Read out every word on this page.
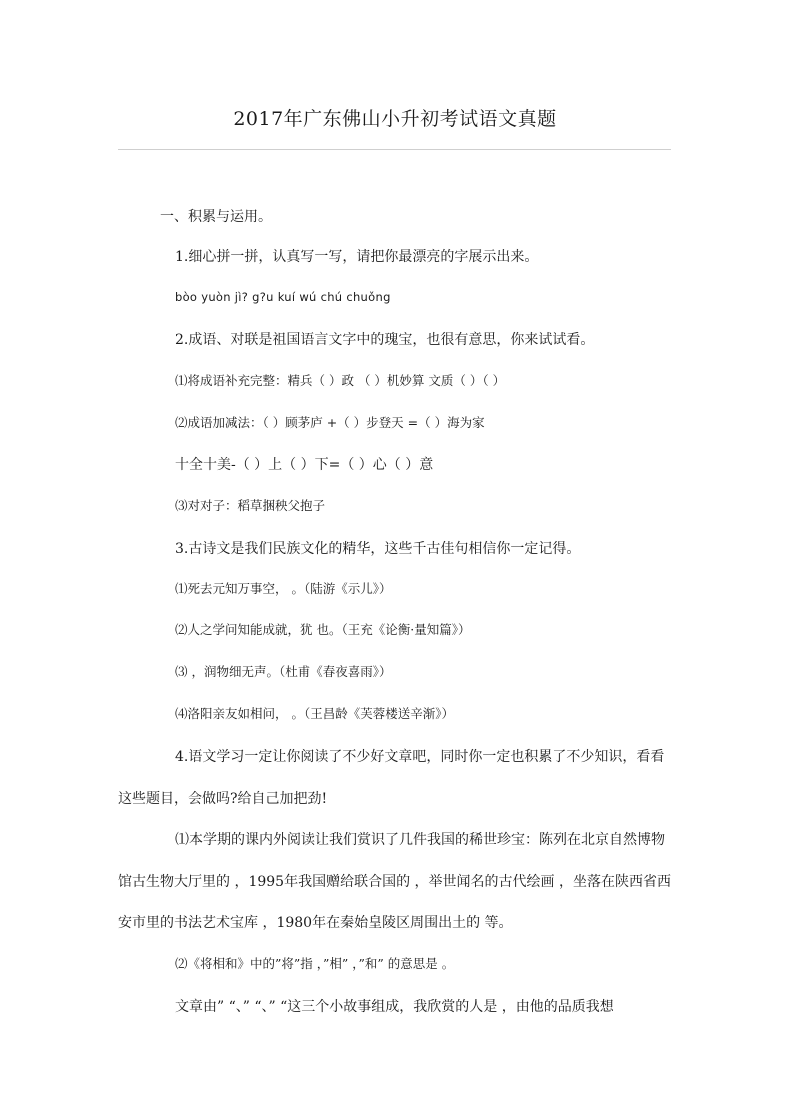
2017年广东佛山小升初考试语文真题
一、积累与运用。
1.细心拼一拼，认真写一写，请把你最漂亮的字展示出来。
bòo yuòn jì? g?u kuí wú chú chuǒng
2.成语、对联是祖国语言文字中的瑰宝，也很有意思，你来试试看。
⑴将成语补充完整：精兵（ ）政 （ ）机妙算 文质（ ）（ ）
⑵成语加减法：（ ）顾茅庐 +（ ）步登天 =（ ）海为家
十全十美-（ ）上（ ）下=（ ）心（ ）意
⑶对对子：稻草捆秧父抱子
3.古诗文是我们民族文化的精华，这些千古佳句相信你一定记得。
⑴死去元知万事空， 。（陆游《示儿》）
⑵人之学问知能成就，犹 也。（王充《论衡·量知篇》）
⑶ ，润物细无声。（杜甫《春夜喜雨》）
⑷洛阳亲友如相问， 。（王昌龄《芙蓉楼送辛渐》）
4.语文学习一定让你阅读了不少好文章吧，同时你一定也积累了不少知识，看看
这些题目，会做吗?给自己加把劲!
⑴本学期的课内外阅读让我们赏识了几件我国的稀世珍宝：陈列在北京自然博物
馆古生物大厅里的 ，1995年我国赠给联合国的 ，举世闻名的古代绘画 ，坐落在陕西省西
安市里的书法艺术宝库 ，1980年在秦始皇陵区周围出土的 等。
⑵《将相和》中的”将”指 ，”相” ，”和” 的意思是 。
文章由” “、” “、” “这三个小故事组成，我欣赏的人是 ，由他的品质我想
